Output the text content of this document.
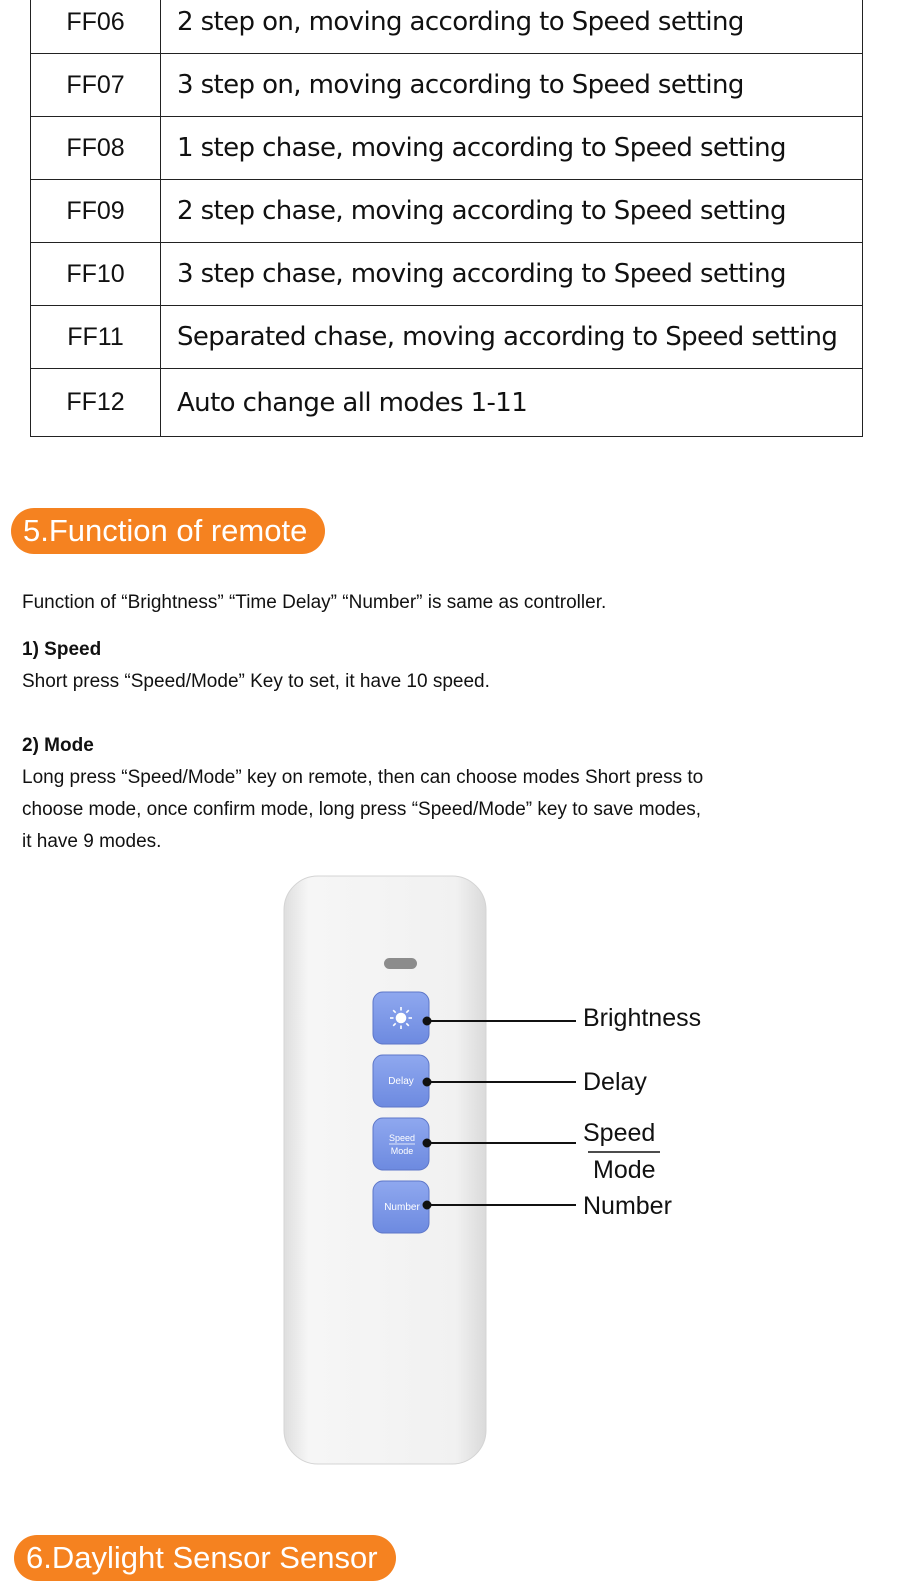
FF06	2 step on, moving according to Speed setting
FF07	3 step on, moving according to Speed setting
FF08	1 step chase, moving according to Speed setting
FF09	2 step chase, moving according to Speed setting
FF10	3 step chase, moving according to Speed setting
FF11	Separated chase, moving according to Speed setting
FF12	Auto change all modes 1-11
5.Function of remote

Function of “Brightness” “Time Delay” “Number” is same as controller.

1) Speed

Short press “Speed/Mode” Key to set, it have 10 speed.

2) Mode

Long press “Speed/Mode” key on remote, then can choose modes Short press to
choose mode, once confirm mode, long press “Speed/Mode” key to save modes,
it have 9 modes.
Delay
Speed
Mode
Number
Brightness
Delay
Speed
Mode
Number
6.Daylight Sensor Sensor
